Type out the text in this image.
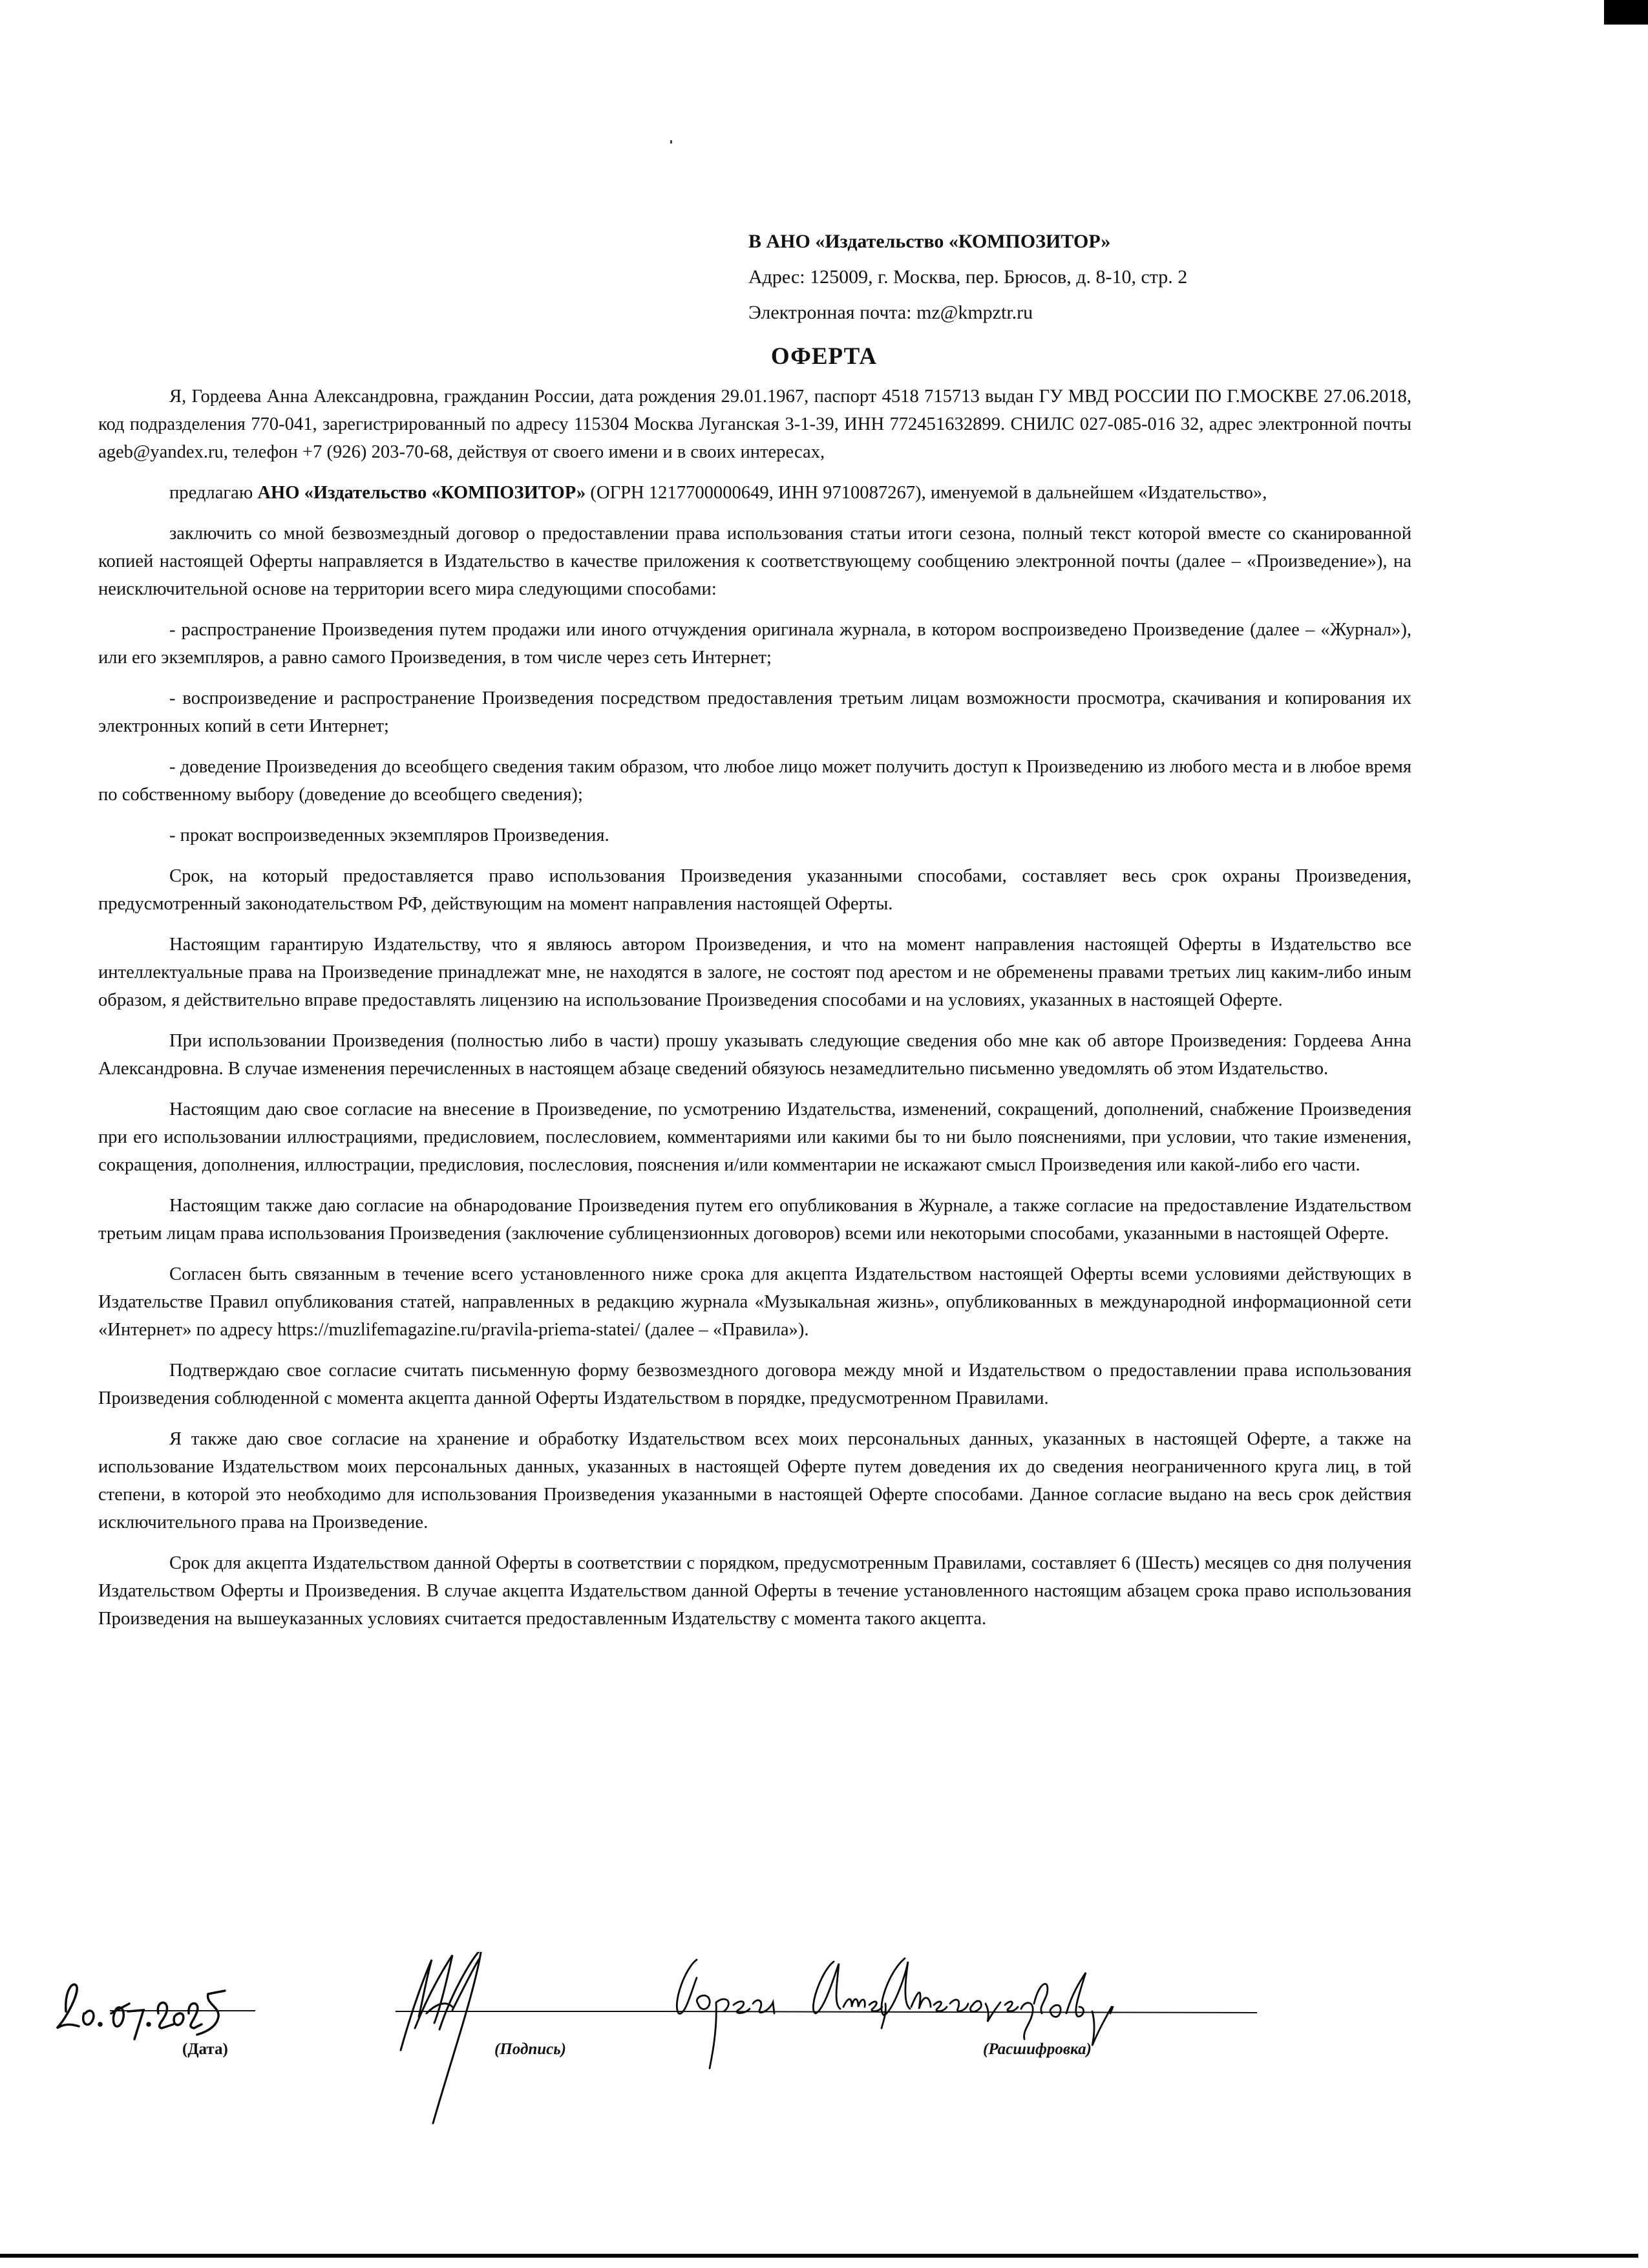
В АНО «Издательство «КОМПОЗИТОР»
Адрес: 125009, г. Москва, пер. Брюсов, д. 8-10, стр. 2
Электронная почта: mz@kmpztr.ru
ОФЕРТА

Я, Гордеева Анна Александровна, гражданин России, дата рождения 29.01.1967, паспорт 4518 715713 выдан ГУ МВД РОССИИ ПО Г.МОСКВЕ 27.06.2018, код подразделения 770-041, зарегистрированный по адресу 115304 Москва Луганская 3-1-39, ИНН 772451632899. СНИЛС 027-085-016 32, адрес электронной почты ageb@yandex.ru, телефон +7 (926) 203-70-68, действуя от своего имени и в своих интересах,

предлагаю АНО «Издательство «КОМПОЗИТОР» (ОГРН 1217700000649, ИНН 9710087267), именуемой в дальнейшем «Издательство»,

заключить со мной безвозмездный договор о предоставлении права использования статьи итоги сезона, полный текст которой вместе со сканированной копией настоящей Оферты направляется в Издательство в качестве приложения к соответствующему сообщению электронной почты (далее – «Произведение»), на неисключительной основе на территории всего мира следующими способами:

- распространение Произведения путем продажи или иного отчуждения оригинала журнала, в котором воспроизведено Произведение (далее – «Журнал»), или его экземпляров, а равно самого Произведения, в том числе через сеть Интернет;

- воспроизведение и распространение Произведения посредством предоставления третьим лицам возможности просмотра, скачивания и копирования их электронных копий в сети Интернет;

- доведение Произведения до всеобщего сведения таким образом, что любое лицо может получить доступ к Произведению из любого места и в любое время по собственному выбору (доведение до всеобщего сведения);

- прокат воспроизведенных экземпляров Произведения.

Срок, на который предоставляется право использования Произведения указанными способами, составляет весь срок охраны Произведения, предусмотренный законодательством РФ, действующим на момент направления настоящей Оферты.

Настоящим гарантирую Издательству, что я являюсь автором Произведения, и что на момент направления настоящей Оферты в Издательство все интеллектуальные права на Произведение принадлежат мне, не находятся в залоге, не состоят под арестом и не обременены правами третьих лиц каким-либо иным образом, я действительно вправе предоставлять лицензию на использование Произведения способами и на условиях, указанных в настоящей Оферте.

При использовании Произведения (полностью либо в части) прошу указывать следующие сведения обо мне как об авторе Произведения: Гордеева Анна Александровна. В случае изменения перечисленных в настоящем абзаце сведений обязуюсь незамедлительно письменно уведомлять об этом Издательство.

Настоящим даю свое согласие на внесение в Произведение, по усмотрению Издательства, изменений, сокращений, дополнений, снабжение Произведения при его использовании иллюстрациями, предисловием, послесловием, комментариями или какими бы то ни было пояснениями, при условии, что такие изменения, сокращения, дополнения, иллюстрации, предисловия, послесловия, пояснения и/или комментарии не искажают смысл Произведения или какой-либо его части.

Настоящим также даю согласие на обнародование Произведения путем его опубликования в Журнале, а также согласие на предоставление Издательством третьим лицам права использования Произведения (заключение сублицензионных договоров) всеми или некоторыми способами, указанными в настоящей Оферте.

Согласен быть связанным в течение всего установленного ниже срока для акцепта Издательством настоящей Оферты всеми условиями действующих в Издательстве Правил опубликования статей, направленных в редакцию журнала «Музыкальная жизнь», опубликованных в международной информационной сети «Интернет» по адресу https://muzlifemagazine.ru/pravila-priema-statei/ (далее – «Правила»).

Подтверждаю свое согласие считать письменную форму безвозмездного договора между мной и Издательством о предоставлении права использования Произведения соблюденной с момента акцепта данной Оферты Издательством в порядке, предусмотренном Правилами.

Я также даю свое согласие на хранение и обработку Издательством всех моих персональных данных, указанных в настоящей Оферте, а также на использование Издательством моих персональных данных, указанных в настоящей Оферте путем доведения их до сведения неограниченного круга лиц, в той степени, в которой это необходимо для использования Произведения указанными в настоящей Оферте способами. Данное согласие выдано на весь срок действия исключительного права на Произведение.

Срок для акцепта Издательством данной Оферты в соответствии с порядком, предусмотренным Правилами, составляет 6 (Шесть) месяцев со дня получения Издательством Оферты и Произведения. В случае акцепта Издательством данной Оферты в течение установленного настоящим абзацем срока право использования Произведения на вышеуказанных условиях считается предоставленным Издательству с момента такого акцепта.

(Дата)	(Подпись)	(Расшифровка)
